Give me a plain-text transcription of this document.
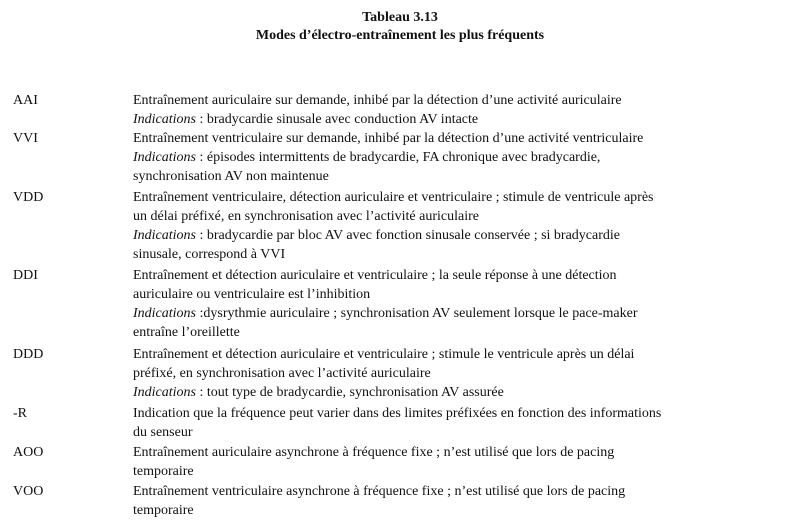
Tableau 3.13
Modes d’électro-entraînement les plus fréquents
AAI	Entraînement auriculaire sur demande, inhibé par la détection d’une activité auriculaire
Indications : bradycardie sinusale avec conduction AV intacte
VVI	Entraînement ventriculaire sur demande, inhibé par la détection d’une activité ventriculaire
Indications : épisodes intermittents de bradycardie, FA chronique avec bradycardie,
synchronisation AV non maintenue
VDD	Entraînement ventriculaire, détection auriculaire et ventriculaire ; stimule de ventricule après
un délai préfixé, en synchronisation avec l’activité auriculaire
Indications : bradycardie par bloc AV avec fonction sinusale conservée ; si bradycardie
sinusale, correspond à VVI
DDI	Entraînement et détection auriculaire et ventriculaire ; la seule réponse à une détection
auriculaire ou ventriculaire est l’inhibition
Indications :dysrythmie auriculaire ; synchronisation AV seulement lorsque le pace-maker
entraîne l’oreillette
DDD	Entraînement et détection auriculaire et ventriculaire ; stimule le ventricule après un délai
préfixé, en synchronisation avec l’activité auriculaire
Indications : tout type de bradycardie, synchronisation AV assurée
-R	Indication que la fréquence peut varier dans des limites préfixées en fonction des informations
du senseur
AOO	Entraînement auriculaire asynchrone à fréquence fixe ; n’est utilisé que lors de pacing
temporaire
VOO	Entraînement ventriculaire asynchrone à fréquence fixe ; n’est utilisé que lors de pacing
temporaire
